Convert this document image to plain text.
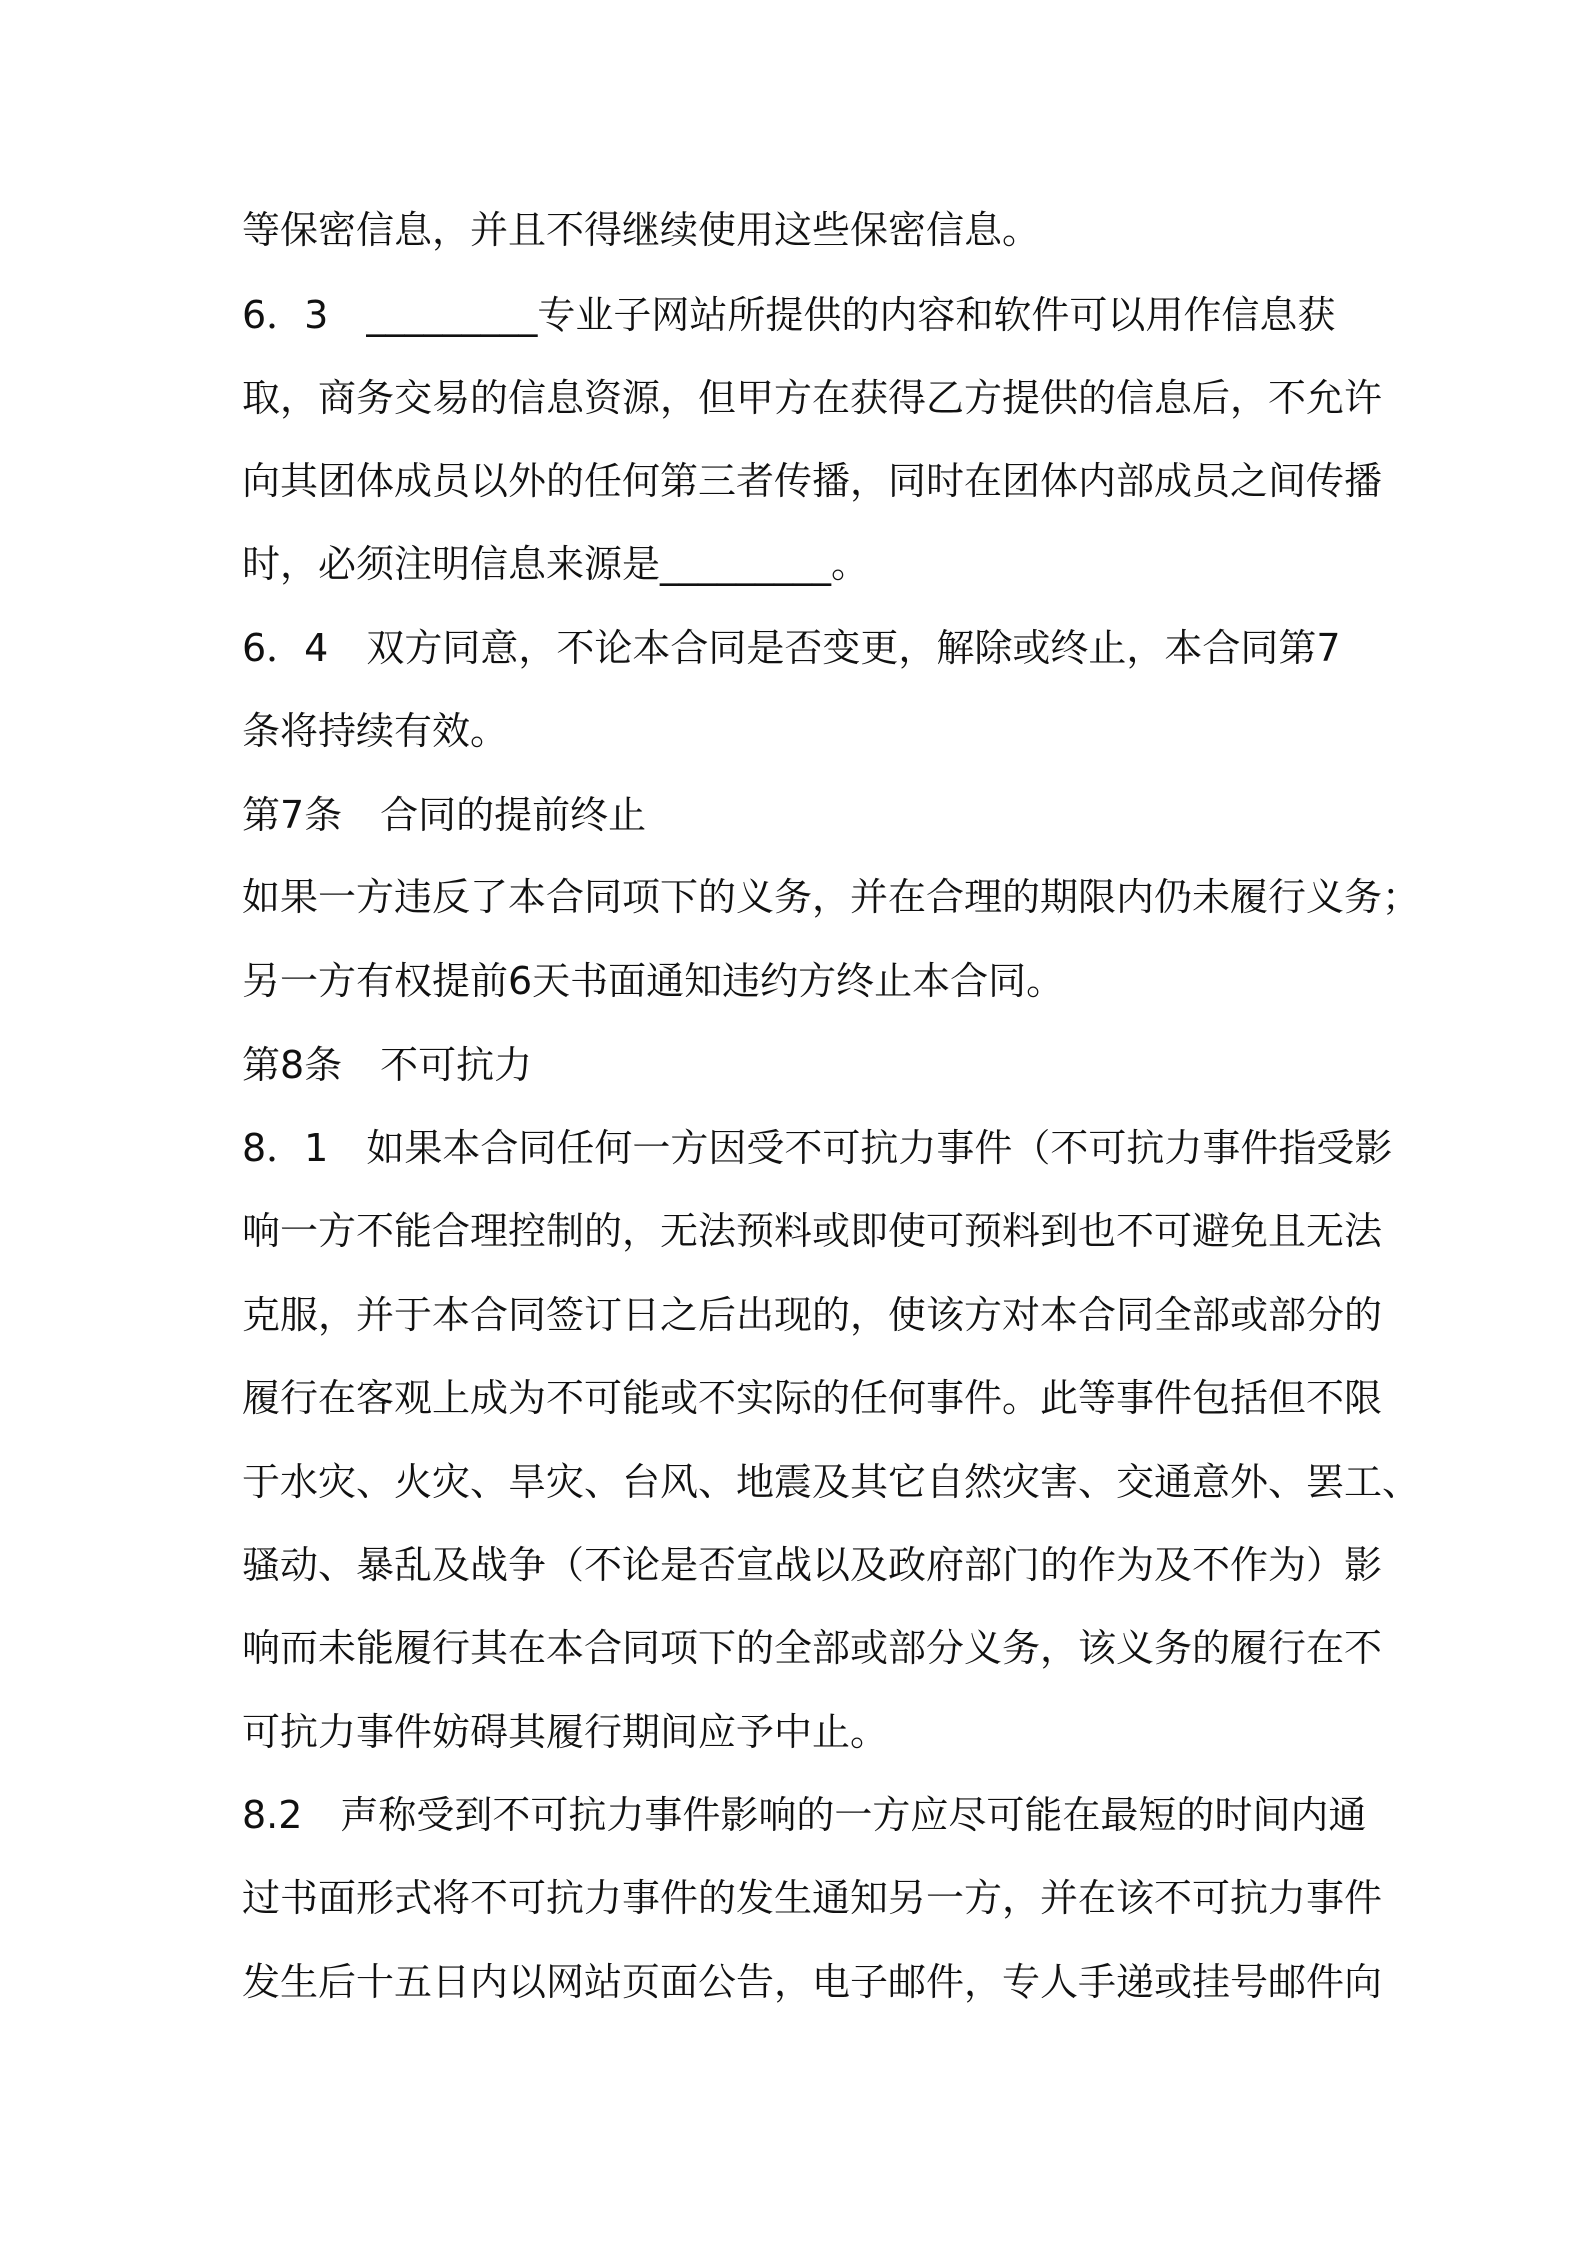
等保密信息，并且不得继续使用这些保密信息。
6．3　_________专业子网站所提供的内容和软件可以用作信息获
取，商务交易的信息资源，但甲方在获得乙方提供的信息后，不允许
向其团体成员以外的任何第三者传播，同时在团体内部成员之间传播
时，必须注明信息来源是_________。
6．4　双方同意，不论本合同是否变更，解除或终止，本合同第7
条将持续有效。
第7条　合同的提前终止
如果一方违反了本合同项下的义务，并在合理的期限内仍未履行义务；
另一方有权提前6天书面通知违约方终止本合同。
第8条　不可抗力
8．1　如果本合同任何一方因受不可抗力事件（不可抗力事件指受影
响一方不能合理控制的，无法预料或即使可预料到也不可避免且无法
克服，并于本合同签订日之后出现的，使该方对本合同全部或部分的
履行在客观上成为不可能或不实际的任何事件。此等事件包括但不限
于水灾、火灾、旱灾、台风、地震及其它自然灾害、交通意外、罢工、
骚动、暴乱及战争（不论是否宣战以及政府部门的作为及不作为）影
响而未能履行其在本合同项下的全部或部分义务，该义务的履行在不
可抗力事件妨碍其履行期间应予中止。
8.2　声称受到不可抗力事件影响的一方应尽可能在最短的时间内通
过书面形式将不可抗力事件的发生通知另一方，并在该不可抗力事件
发生后十五日内以网站页面公告，电子邮件，专人手递或挂号邮件向
